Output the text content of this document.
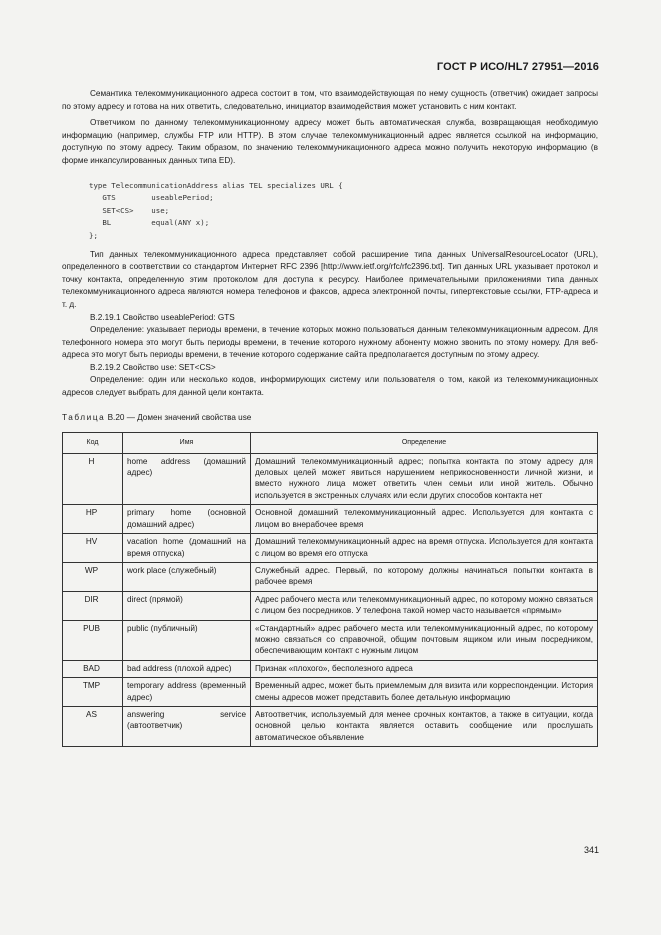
ГОСТ Р ИСО/HL7 27951—2016

Семантика телекоммуникационного адреса состоит в том, что взаимодействующая по нему сущность (ответчик) ожидает запросы по этому адресу и готова на них ответить, следовательно, инициатор взаимодействия может установить с ним контакт.

Ответчиком по данному телекоммуникационному адресу может быть автоматическая служба, возвращающая необходимую информацию (например, службы FTP или HTTP). В этом случае телекоммуникационный адрес является ссылкой на информацию, доступную по этому адресу. Таким образом, по значению телекоммуникационного адреса можно получить некоторую информацию (в форме инкапсулированных данных типа ED).

type TelecommunicationAddress alias TEL specializes URL {
GTS        useablePeriod;
SET<CS>    use;
BL         equal(ANY x);
};

Тип данных телекоммуникационного адреса представляет собой расширение типа данных UniversalResourceLocator (URL), определенного в соответствии со стандартом Интернет RFC 2396 [http://www.ietf.org/rfc/rfc2396.txt]. Тип данных URL указывает протокол и точку контакта, определенную этим протоколом для доступа к ресурсу. Наиболее примечательными приложениями типа данных телекоммуникационного адреса являются номера телефонов и факсов, адреса электронной почты, гипертекстовые ссылки, FTP-адреса и т. д.

В.2.19.1 Свойство useablePeriod: GTS

Определение: указывает периоды времени, в течение которых можно пользоваться данным телекоммуникационным адресом. Для телефонного номера это могут быть периоды времени, в течение которого нужному абоненту можно звонить по этому номеру. Для веб-адреса это могут быть периоды времени, в течение которого содержание сайта предполагается доступным по этому адресу.

В.2.19.2 Свойство use: SET<CS>

Определение: один или несколько кодов, информирующих систему или пользователя о том, какой из телекоммуникационных адресов следует выбрать для данной цели контакта.

Таблица В.20 — Домен значений свойства use
Код	Имя	Определение
H	home address (домашний адрес)	Домашний телекоммуникационный адрес; попытка контакта по этому адресу для деловых целей может явиться нарушением неприкосновенности личной жизни, и вместо нужного лица может ответить член семьи или иной житель. Обычно используется в экстренных случаях или если других способов контакта нет
HP	primary home (основной домашний адрес)	Основной домашний телекоммуникационный адрес. Используется для контакта с лицом во внерабочее время
HV	vacation home (домашний на время отпуска)	Домашний телекоммуникационный адрес на время отпуска. Используется для контакта с лицом во время его отпуска
WP	work place (служебный)	Служебный адрес. Первый, по которому должны начинаться попытки контакта в рабочее время
DIR	direct (прямой)	Адрес рабочего места или телекоммуникационный адрес, по которому можно связаться с лицом без посредников. У телефона такой номер часто называется «прямым»
PUB	public (публичный)	«Стандартный» адрес рабочего места или телекоммуникационный адрес, по которому можно связаться со справочной, общим почтовым ящиком или иным посредником, обеспечивающим контакт с нужным лицом
BAD	bad address (плохой адрес)	Признак «плохого», бесполезного адреса
TMP	temporary address (временный адрес)	Временный адрес, может быть приемлемым для визита или корреспонденции. История смены адресов может представить более детальную информацию
AS	answering service (автоответчик)	Автоответчик, используемый для менее срочных контактов, а также в ситуации, когда основной целью контакта является оставить сообщение или прослушать автоматическое объявление
341
